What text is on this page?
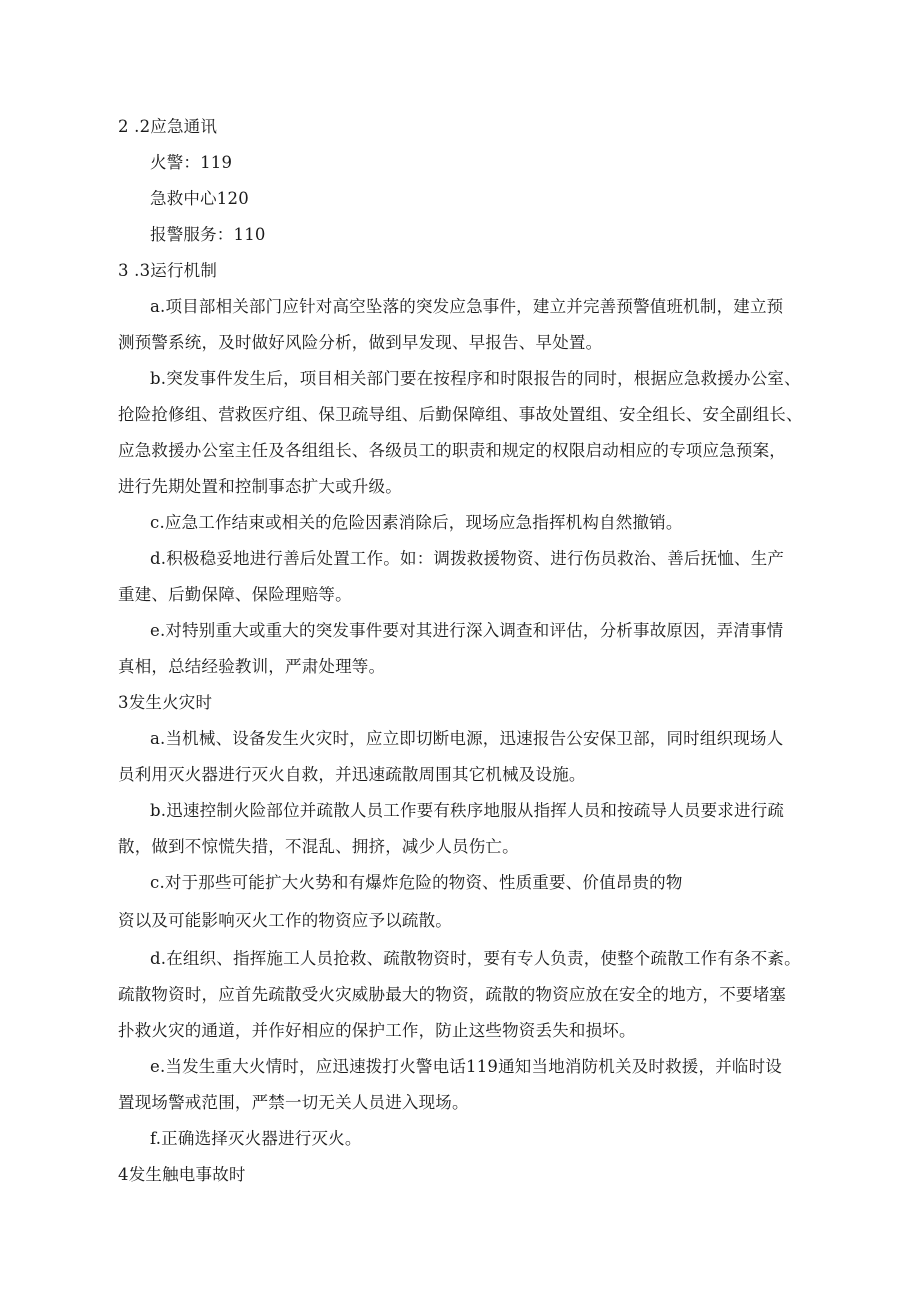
2 .2应急通讯
火警：119
急救中心120
报警服务：110
3 .3运行机制
a.项目部相关部门应针对高空坠落的突发应急事件，建立并完善预警值班机制，建立预
测预警系统，及时做好风险分析，做到早发现、早报告、早处置。
b.突发事件发生后，项目相关部门要在按程序和时限报告的同时，根据应急救援办公室、
抢险抢修组、营救医疗组、保卫疏导组、后勤保障组、事故处置组、安全组长、安全副组长、
应急救援办公室主任及各组组长、各级员工的职责和规定的权限启动相应的专项应急预案，
进行先期处置和控制事态扩大或升级。
c.应急工作结束或相关的危险因素消除后，现场应急指挥机构自然撤销。
d.积极稳妥地进行善后处置工作。如：调拨救援物资、进行伤员救治、善后抚恤、生产
重建、后勤保障、保险理赔等。
e.对特别重大或重大的突发事件要对其进行深入调查和评估，分析事故原因，弄清事情
真相，总结经验教训，严肃处理等。
3发生火灾时
a.当机械、设备发生火灾时，应立即切断电源，迅速报告公安保卫部，同时组织现场人
员利用灭火器进行灭火自救，并迅速疏散周围其它机械及设施。
b.迅速控制火险部位并疏散人员工作要有秩序地服从指挥人员和按疏导人员要求进行疏
散，做到不惊慌失措，不混乱、拥挤，减少人员伤亡。
c.对于那些可能扩大火势和有爆炸危险的物资、性质重要、价值昂贵的物
资以及可能影响灭火工作的物资应予以疏散。
d.在组织、指挥施工人员抢救、疏散物资时，要有专人负责，使整个疏散工作有条不紊。
疏散物资时，应首先疏散受火灾威胁最大的物资，疏散的物资应放在安全的地方，不要堵塞
扑救火灾的通道，并作好相应的保护工作，防止这些物资丢失和损坏。
e.当发生重大火情时，应迅速拨打火警电话119通知当地消防机关及时救援，并临时设
置现场警戒范围，严禁一切无关人员进入现场。
f.正确选择灭火器进行灭火。
4发生触电事故时
